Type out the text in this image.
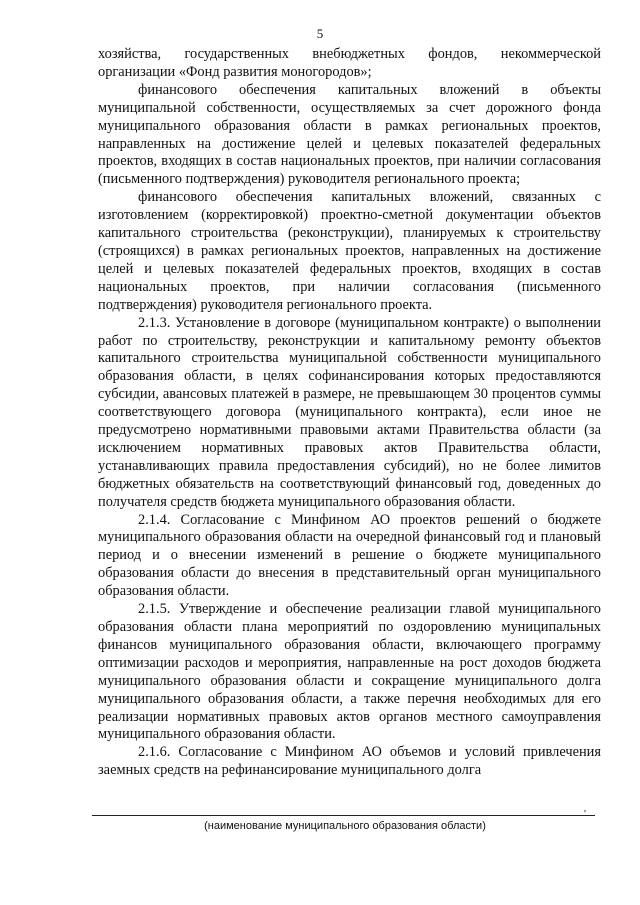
5

хозяйства, государственных внебюджетных фондов, некоммерческой организации «Фонд развития моногородов»;

финансового обеспечения капитальных вложений в объекты муниципальной собственности, осуществляемых за счет дорожного фонда муниципального образования области в рамках региональных проектов, направленных на достижение целей и целевых показателей федеральных проектов, входящих в состав национальных проектов, при наличии согласования (письменного подтверждения) руководителя регионального проекта;

финансового обеспечения капитальных вложений, связанных с изготовлением (корректировкой) проектно-сметной документации объектов капитального строительства (реконструкции), планируемых к строительству (строящихся) в рамках региональных проектов, направленных на достижение целей и целевых показателей федеральных проектов, входящих в состав национальных проектов, при наличии согласования (письменного подтверждения) руководителя регионального проекта.

2.1.3. Установление в договоре (муниципальном контракте) о выполнении работ по строительству, реконструкции и капитальному ремонту объектов капитального строительства муниципальной собственности муниципального образования области, в целях софинансирования которых предоставляются субсидии, авансовых платежей в размере, не превышающем 30 процентов суммы соответствующего договора (муниципального контракта), если иное не предусмотрено нормативными правовыми актами Правительства области (за исключением нормативных правовых актов Правительства области, устанавливающих правила предоставления субсидий), но не более лимитов бюджетных обязательств на соответствующий финансовый год, доведенных до получателя средств бюджета муниципального образования области.

2.1.4. Согласование с Минфином АО проектов решений о бюджете муниципального образования области на очередной финансовый год и плановый период и о внесении изменений в решение о бюджете муниципального образования области до внесения в представительный орган муниципального образования области.

2.1.5. Утверждение и обеспечение реализации главой муниципального образования области плана мероприятий по оздоровлению муниципальных финансов муниципального образования области, включающего программу оптимизации расходов и мероприятия, направленные на рост доходов бюджета муниципального образования области и сокращение муниципального долга муниципального образования области, а также перечня необходимых для его реализации нормативных правовых актов органов местного самоуправления муниципального образования области.

2.1.6. Согласование с Минфином АО объемов и условий привлечения заемных средств на рефинансирование муниципального долга

'
(наименование муниципального образования области)
